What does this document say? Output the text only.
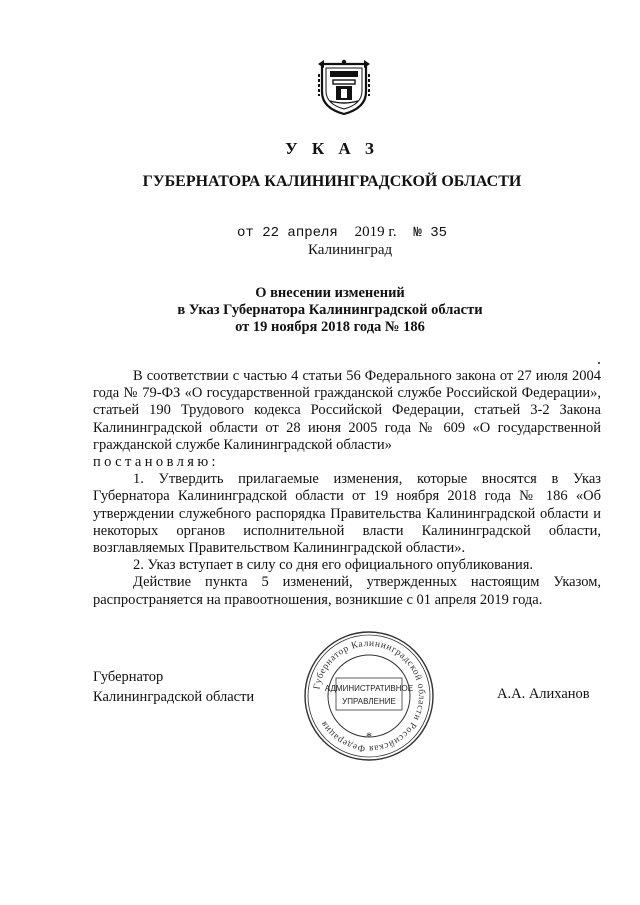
У К А З
ГУБЕРНАТОРА КАЛИНИНГРАДСКОЙ ОБЛАСТИ
от 22 апреля 2019 г. № 35
Калининград
О внесении изменений
в Указ Губернатора Калининградской области
от 19 ноября 2018 года № 186

В соответствии с частью 4 статьи 56 Федерального закона от 27 июля 2004 года № 79-ФЗ «О государственной гражданской службе Российской Федерации», статьей 190 Трудового кодекса Российской Федерации, статьей 3-2 Закона Калининградской области от 28 июня 2005 года № 609 «О государственной гражданской службе Калининградской области»

постановляю:

1. Утвердить прилагаемые изменения, которые вносятся в Указ Губернатора Калининградской области от 19 ноября 2018 года № 186 «Об утверждении служебного распорядка Правительства Калининградской области и некоторых органов исполнительной власти Калининградской области, возглавляемых Правительством Калининградской области».

2. Указ вступает в силу со дня его официального опубликования.

Действие пункта 5 изменений, утвержденных настоящим Указом, распространяется на правоотношения, возникшие с 01 апреля 2019 года.

Губернатор
Калининградской области
Губернатор Калининградской области Российская Федерация
АДМИНИСТРАТИВНОЕ
УПРАВЛЕНИЕ
*
А.А. Алиханов
